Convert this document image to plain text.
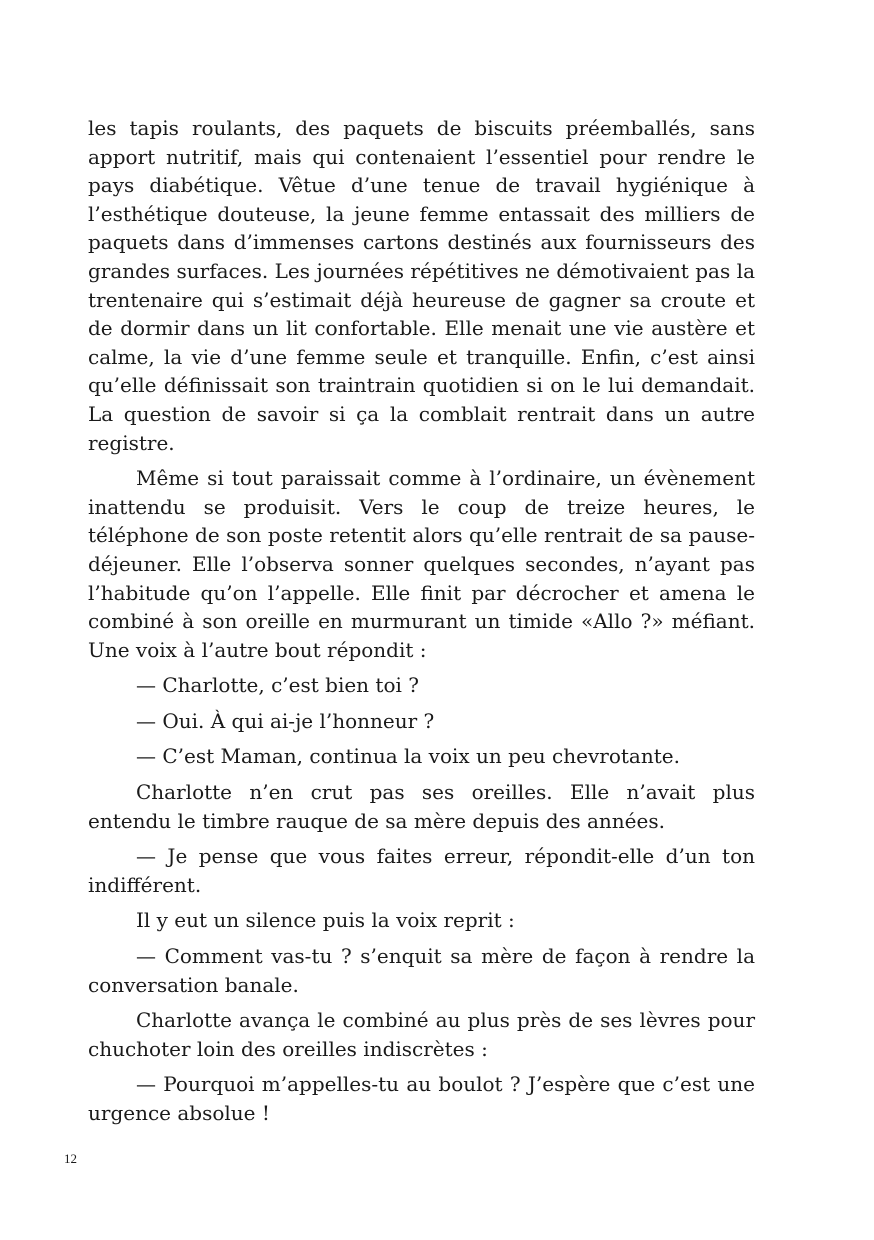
les tapis roulants, des paquets de biscuits préemballés, sans apport nutritif, mais qui contenaient l’essentiel pour rendre le pays diabétique. Vêtue d’une tenue de travail hygiénique à l’esthétique douteuse, la jeune femme entassait des milliers de paquets dans d’immenses cartons destinés aux fournisseurs des grandes surfaces. Les journées répétitives ne démotivaient pas la trentenaire qui s’estimait déjà heureuse de gagner sa croute et de dormir dans un lit confortable. Elle menait une vie austère et calme, la vie d’une femme seule et tranquille. Enfin, c’est ainsi qu’elle définissait son traintrain quotidien si on le lui demandait. La question de savoir si ça la comblait rentrait dans un autre registre.

Même si tout paraissait comme à l’ordinaire, un évènement inattendu se produisit. Vers le coup de treize heures, le téléphone de son poste retentit alors qu’elle rentrait de sa pause-déjeuner. Elle l’observa sonner quelques secondes, n’ayant pas l’habitude qu’on l’appelle. Elle finit par décrocher et amena le combiné à son oreille en murmurant un timide «Allo ?» méfiant. Une voix à l’autre bout répondit :

— Charlotte, c’est bien toi ?

— Oui. À qui ai-je l’honneur ?

— C’est Maman, continua la voix un peu chevrotante.

Charlotte n’en crut pas ses oreilles. Elle n’avait plus entendu le timbre rauque de sa mère depuis des années.

— Je pense que vous faites erreur, répondit-elle d’un ton indifférent.

Il y eut un silence puis la voix reprit :

— Comment vas-tu ? s’enquit sa mère de façon à rendre la conversation banale.

Charlotte avança le combiné au plus près de ses lèvres pour chuchoter loin des oreilles indiscrètes :

— Pourquoi m’appelles-tu au boulot ? J’espère que c’est une urgence absolue !

12
